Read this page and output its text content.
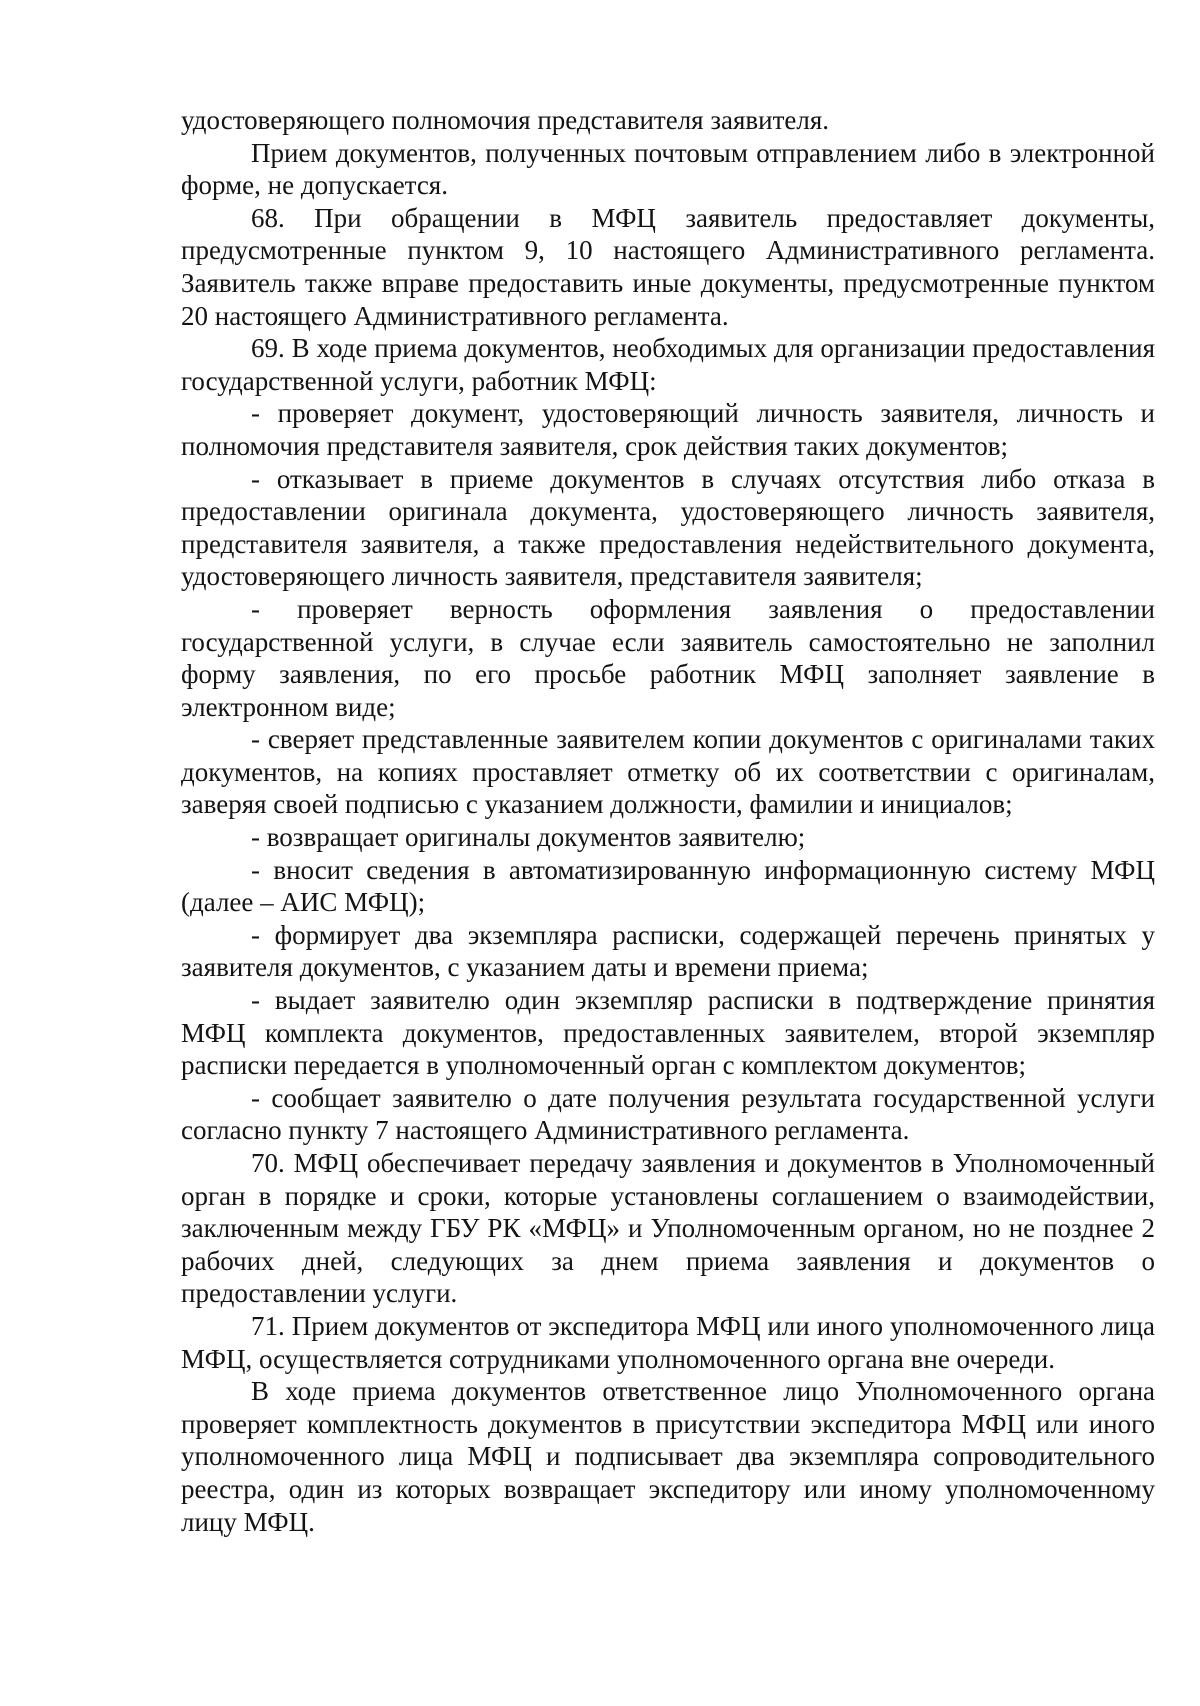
удостоверяющего полномочия представителя заявителя.

Прием документов, полученных почтовым отправлением либо в электронной форме, не допускается.

68. При обращении в МФЦ заявитель предоставляет документы, предусмотренные пунктом 9, 10 настоящего Административного регламента. Заявитель также вправе предоставить иные документы, предусмотренные пунктом 20 настоящего Административного регламента.

69. В ходе приема документов, необходимых для организации предоставления государственной услуги, работник МФЦ:

- проверяет документ, удостоверяющий личность заявителя, личность и полномочия представителя заявителя, срок действия таких документов;

- отказывает в приеме документов в случаях отсутствия либо отказа в предоставлении оригинала документа, удостоверяющего личность заявителя, представителя заявителя, а также предоставления недействительного документа, удостоверяющего личность заявителя, представителя заявителя;

- проверяет верность оформления заявления о предоставлении государственной услуги, в случае если заявитель самостоятельно не заполнил форму заявления, по его просьбе работник МФЦ заполняет заявление в электронном виде;

- сверяет представленные заявителем копии документов с оригиналами таких документов, на копиях проставляет отметку об их соответствии с оригиналам, заверяя своей подписью с указанием должности, фамилии и инициалов;

- возвращает оригиналы документов заявителю;

- вносит сведения в автоматизированную информационную систему МФЦ (далее – АИС МФЦ);

- формирует два экземпляра расписки, содержащей перечень принятых у заявителя документов, с указанием даты и времени приема;

- выдает заявителю один экземпляр расписки в подтверждение принятия МФЦ комплекта документов, предоставленных заявителем, второй экземпляр расписки передается в уполномоченный орган с комплектом документов;

- сообщает заявителю о дате получения результата государственной услуги согласно пункту 7 настоящего Административного регламента.

70. МФЦ обеспечивает передачу заявления и документов в Уполномоченный орган в порядке и сроки, которые установлены соглашением о взаимодействии, заключенным между ГБУ РК «МФЦ» и Уполномоченным органом, но не позднее 2 рабочих дней, следующих за днем приема заявления и документов о предоставлении услуги.

71. Прием документов от экспедитора МФЦ или иного уполномоченного лица МФЦ, осуществляется сотрудниками уполномоченного органа вне очереди.

В ходе приема документов ответственное лицо Уполномоченного органа проверяет комплектность документов в присутствии экспедитора МФЦ или иного уполномоченного лица МФЦ и подписывает два экземпляра сопроводительного реестра, один из которых возвращает экспедитору или иному уполномоченному лицу МФЦ.
